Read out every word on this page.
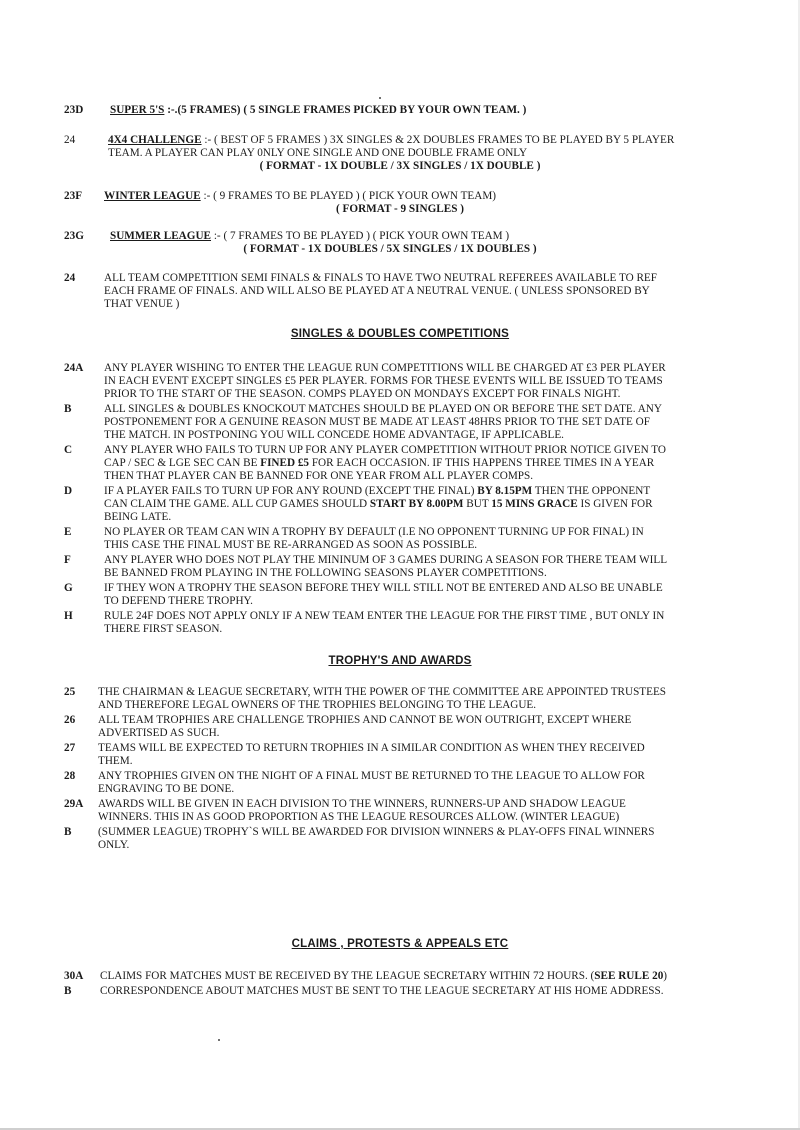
23D SUPER 5'S :-.(5 FRAMES) ( 5 SINGLE FRAMES PICKED BY YOUR OWN TEAM. )
24	4X4 CHALLENGE :- ( BEST OF 5 FRAMES ) 3X SINGLES & 2X DOUBLES FRAMES TO BE PLAYED BY 5 PLAYER
TEAM. A PLAYER CAN PLAY 0NLY ONE SINGLE AND ONE DOUBLE FRAME ONLY
( FORMAT - 1X DOUBLE / 3X SINGLES / 1X DOUBLE )
23F WINTER LEAGUE :- ( 9 FRAMES TO BE PLAYED ) ( PICK YOUR OWN TEAM)
( FORMAT - 9 SINGLES )
23G SUMMER LEAGUE :- ( 7 FRAMES TO BE PLAYED ) ( PICK YOUR OWN TEAM )
( FORMAT - 1X DOUBLES / 5X SINGLES / 1X DOUBLES )
24	ALL TEAM COMPETITION SEMI FINALS & FINALS TO HAVE TWO NEUTRAL REFEREES AVAILABLE TO REF
EACH FRAME OF FINALS. AND WILL ALSO BE PLAYED AT A NEUTRAL VENUE. ( UNLESS SPONSORED BY
THAT VENUE )
SINGLES & DOUBLES COMPETITIONS
24A ANY PLAYER WISHING TO ENTER THE LEAGUE RUN COMPETITIONS WILL BE CHARGED AT £3 PER PLAYER
IN EACH EVENT EXCEPT SINGLES £5 PER PLAYER. FORMS FOR THESE EVENTS WILL BE ISSUED TO TEAMS
PRIOR TO THE START OF THE SEASON. COMPS PLAYED ON MONDAYS EXCEPT FOR FINALS NIGHT.
B	ALL SINGLES & DOUBLES KNOCKOUT MATCHES SHOULD BE PLAYED ON OR BEFORE THE SET DATE. ANY
POSTPONEMENT FOR A GENUINE REASON MUST BE MADE AT LEAST 48HRS PRIOR TO THE SET DATE OF
THE MATCH. IN POSTPONING YOU WILL CONCEDE HOME ADVANTAGE, IF APPLICABLE.
C	ANY PLAYER WHO FAILS TO TURN UP FOR ANY PLAYER COMPETITION WITHOUT PRIOR NOTICE GIVEN TO
CAP / SEC & LGE SEC CAN BE FINED £5 FOR EACH OCCASION. IF THIS HAPPENS THREE TIMES IN A YEAR
THEN THAT PLAYER CAN BE BANNED FOR ONE YEAR FROM ALL PLAYER COMPS.
D	IF A PLAYER FAILS TO TURN UP FOR ANY ROUND (EXCEPT THE FINAL) BY 8.15PM THEN THE OPPONENT
CAN CLAIM THE GAME. ALL CUP GAMES SHOULD START BY 8.00PM BUT 15 MINS GRACE IS GIVEN FOR
BEING LATE.
E	NO PLAYER OR TEAM CAN WIN A TROPHY BY DEFAULT (I.E NO OPPONENT TURNING UP FOR FINAL) IN
THIS CASE THE FINAL MUST BE RE-ARRANGED AS SOON AS POSSIBLE.
F	ANY PLAYER WHO DOES NOT PLAY THE MININUM OF 3 GAMES DURING A SEASON FOR THERE TEAM WILL
BE BANNED FROM PLAYING IN THE FOLLOWING SEASONS PLAYER COMPETITIONS.
G	IF THEY WON A TROPHY THE SEASON BEFORE THEY WILL STILL NOT BE ENTERED AND ALSO BE UNABLE
TO DEFEND THERE TROPHY.
H	RULE 24F DOES NOT APPLY ONLY IF A NEW TEAM ENTER THE LEAGUE FOR THE FIRST TIME , BUT ONLY IN
THERE FIRST SEASON.
TROPHY'S AND AWARDS
25 THE CHAIRMAN & LEAGUE SECRETARY, WITH THE POWER OF THE COMMITTEE ARE APPOINTED TRUSTEES
AND THEREFORE LEGAL OWNERS OF THE TROPHIES BELONGING TO THE LEAGUE.
26 ALL TEAM TROPHIES ARE CHALLENGE TROPHIES AND CANNOT BE WON OUTRIGHT, EXCEPT WHERE
ADVERTISED AS SUCH.
27 TEAMS WILL BE EXPECTED TO RETURN TROPHIES IN A SIMILAR CONDITION AS WHEN THEY RECEIVED
THEM.
28 ANY TROPHIES GIVEN ON THE NIGHT OF A FINAL MUST BE RETURNED TO THE LEAGUE TO ALLOW FOR
ENGRAVING TO BE DONE.
29A AWARDS WILL BE GIVEN IN EACH DIVISION TO THE WINNERS, RUNNERS-UP AND SHADOW LEAGUE
WINNERS. THIS IN AS GOOD PROPORTION AS THE LEAGUE RESOURCES ALLOW. (WINTER LEAGUE)
B (SUMMER LEAGUE) TROPHY`S WILL BE AWARDED FOR DIVISION WINNERS & PLAY-OFFS FINAL WINNERS
ONLY.
CLAIMS , PROTESTS & APPEALS ETC
30A CLAIMS FOR MATCHES MUST BE RECEIVED BY THE LEAGUE SECRETARY WITHIN 72 HOURS. (SEE RULE 20)
B	CORRESPONDENCE ABOUT MATCHES MUST BE SENT TO THE LEAGUE SECRETARY AT HIS HOME ADDRESS.
